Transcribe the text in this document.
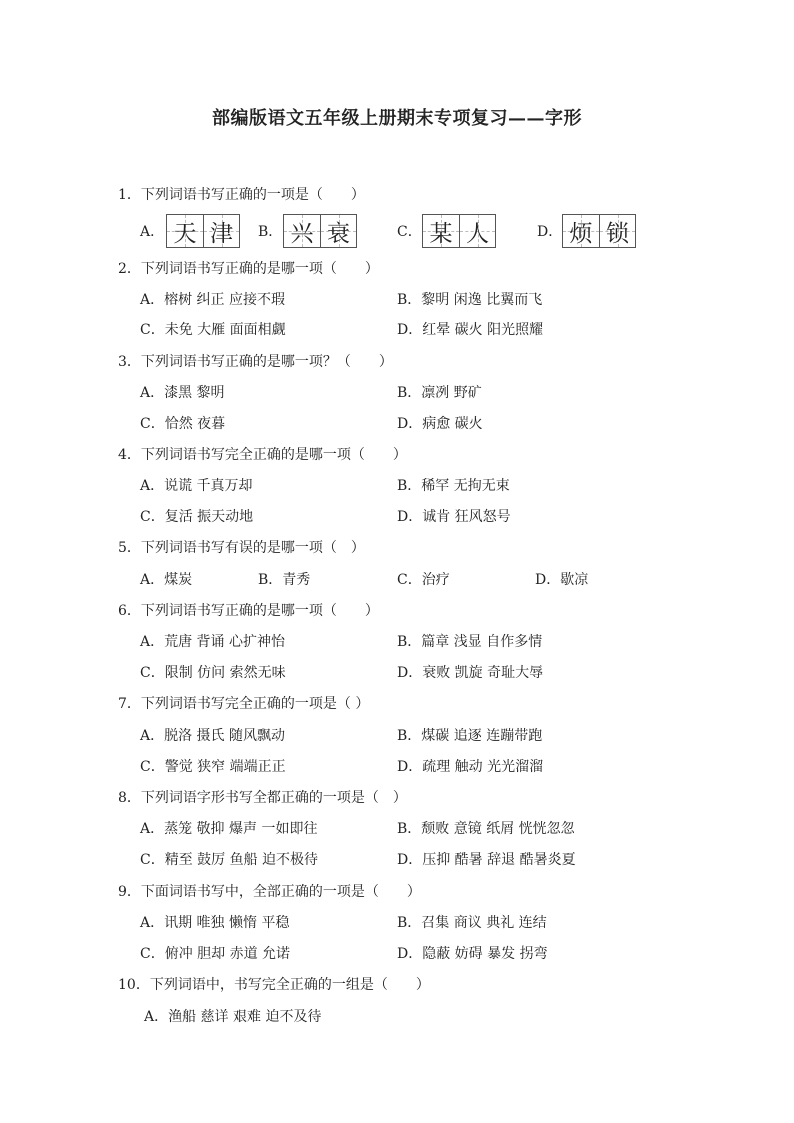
部编版语文五年级上册期末专项复习——字形
1．下列词语书写正确的一项是（　　）
A． 天 津 B． 兴 衰	C． 某 人	D． 烦 锁
2．下列词语书写正确的是哪一项（　　）
A．榕树 纠正 应接不瑕	B．黎明 闲逸 比翼而飞
C．未免 大雁 面面相觑	D．红晕 碳火 阳光照耀
3．下列词语书写正确的是哪一项？（　　）
A．漆黑 黎明	B．凛冽 野矿
C．恰然 夜暮	D．病愈 碳火
4．下列词语书写完全正确的是哪一项（　　）
A．说谎 千真万却	B．稀罕 无拘无束
C．复活 振天动地	D．诚肯 狂风怒号
5．下列词语书写有误的是哪一项（　）
A．煤炭	B．青秀	C．治疗	D．歇凉
6．下列词语书写正确的是哪一项（　　）
A．荒唐 背诵 心扩神怡	B．篇章 浅显 自作多情
C．限制 仿问 索然无味	D．衰败 凯旋 奇耻大辱
7．下列词语书写完全正确的一项是（ ）
A．脱洛 摄氏 随风飘动	B．煤碳 追逐 连蹦带跑
C．警觉 狭窄 端端正正	D．疏理 触动 光光溜溜
8．下列词语字形书写全都正确的一项是（　）
A．蒸笼 敬抑 爆声 一如即往	B．颓败 意镜 纸屑 恍恍忽忽
C．精至 鼓厉 鱼船 迫不极待	D．压抑 酷暑 辞退 酷暑炎夏
9．下面词语书写中，全部正确的一项是（　　）
A．讯期 唯独 懒惰 平稳	B．召集 商议 典礼 连结
C．俯冲 胆却 赤道 允诺	D．隐蔽 妨碍 暴发 拐弯
10．下列词语中，书写完全正确的一组是（　　）
A．渔船 慈详 艰难 迫不及待
